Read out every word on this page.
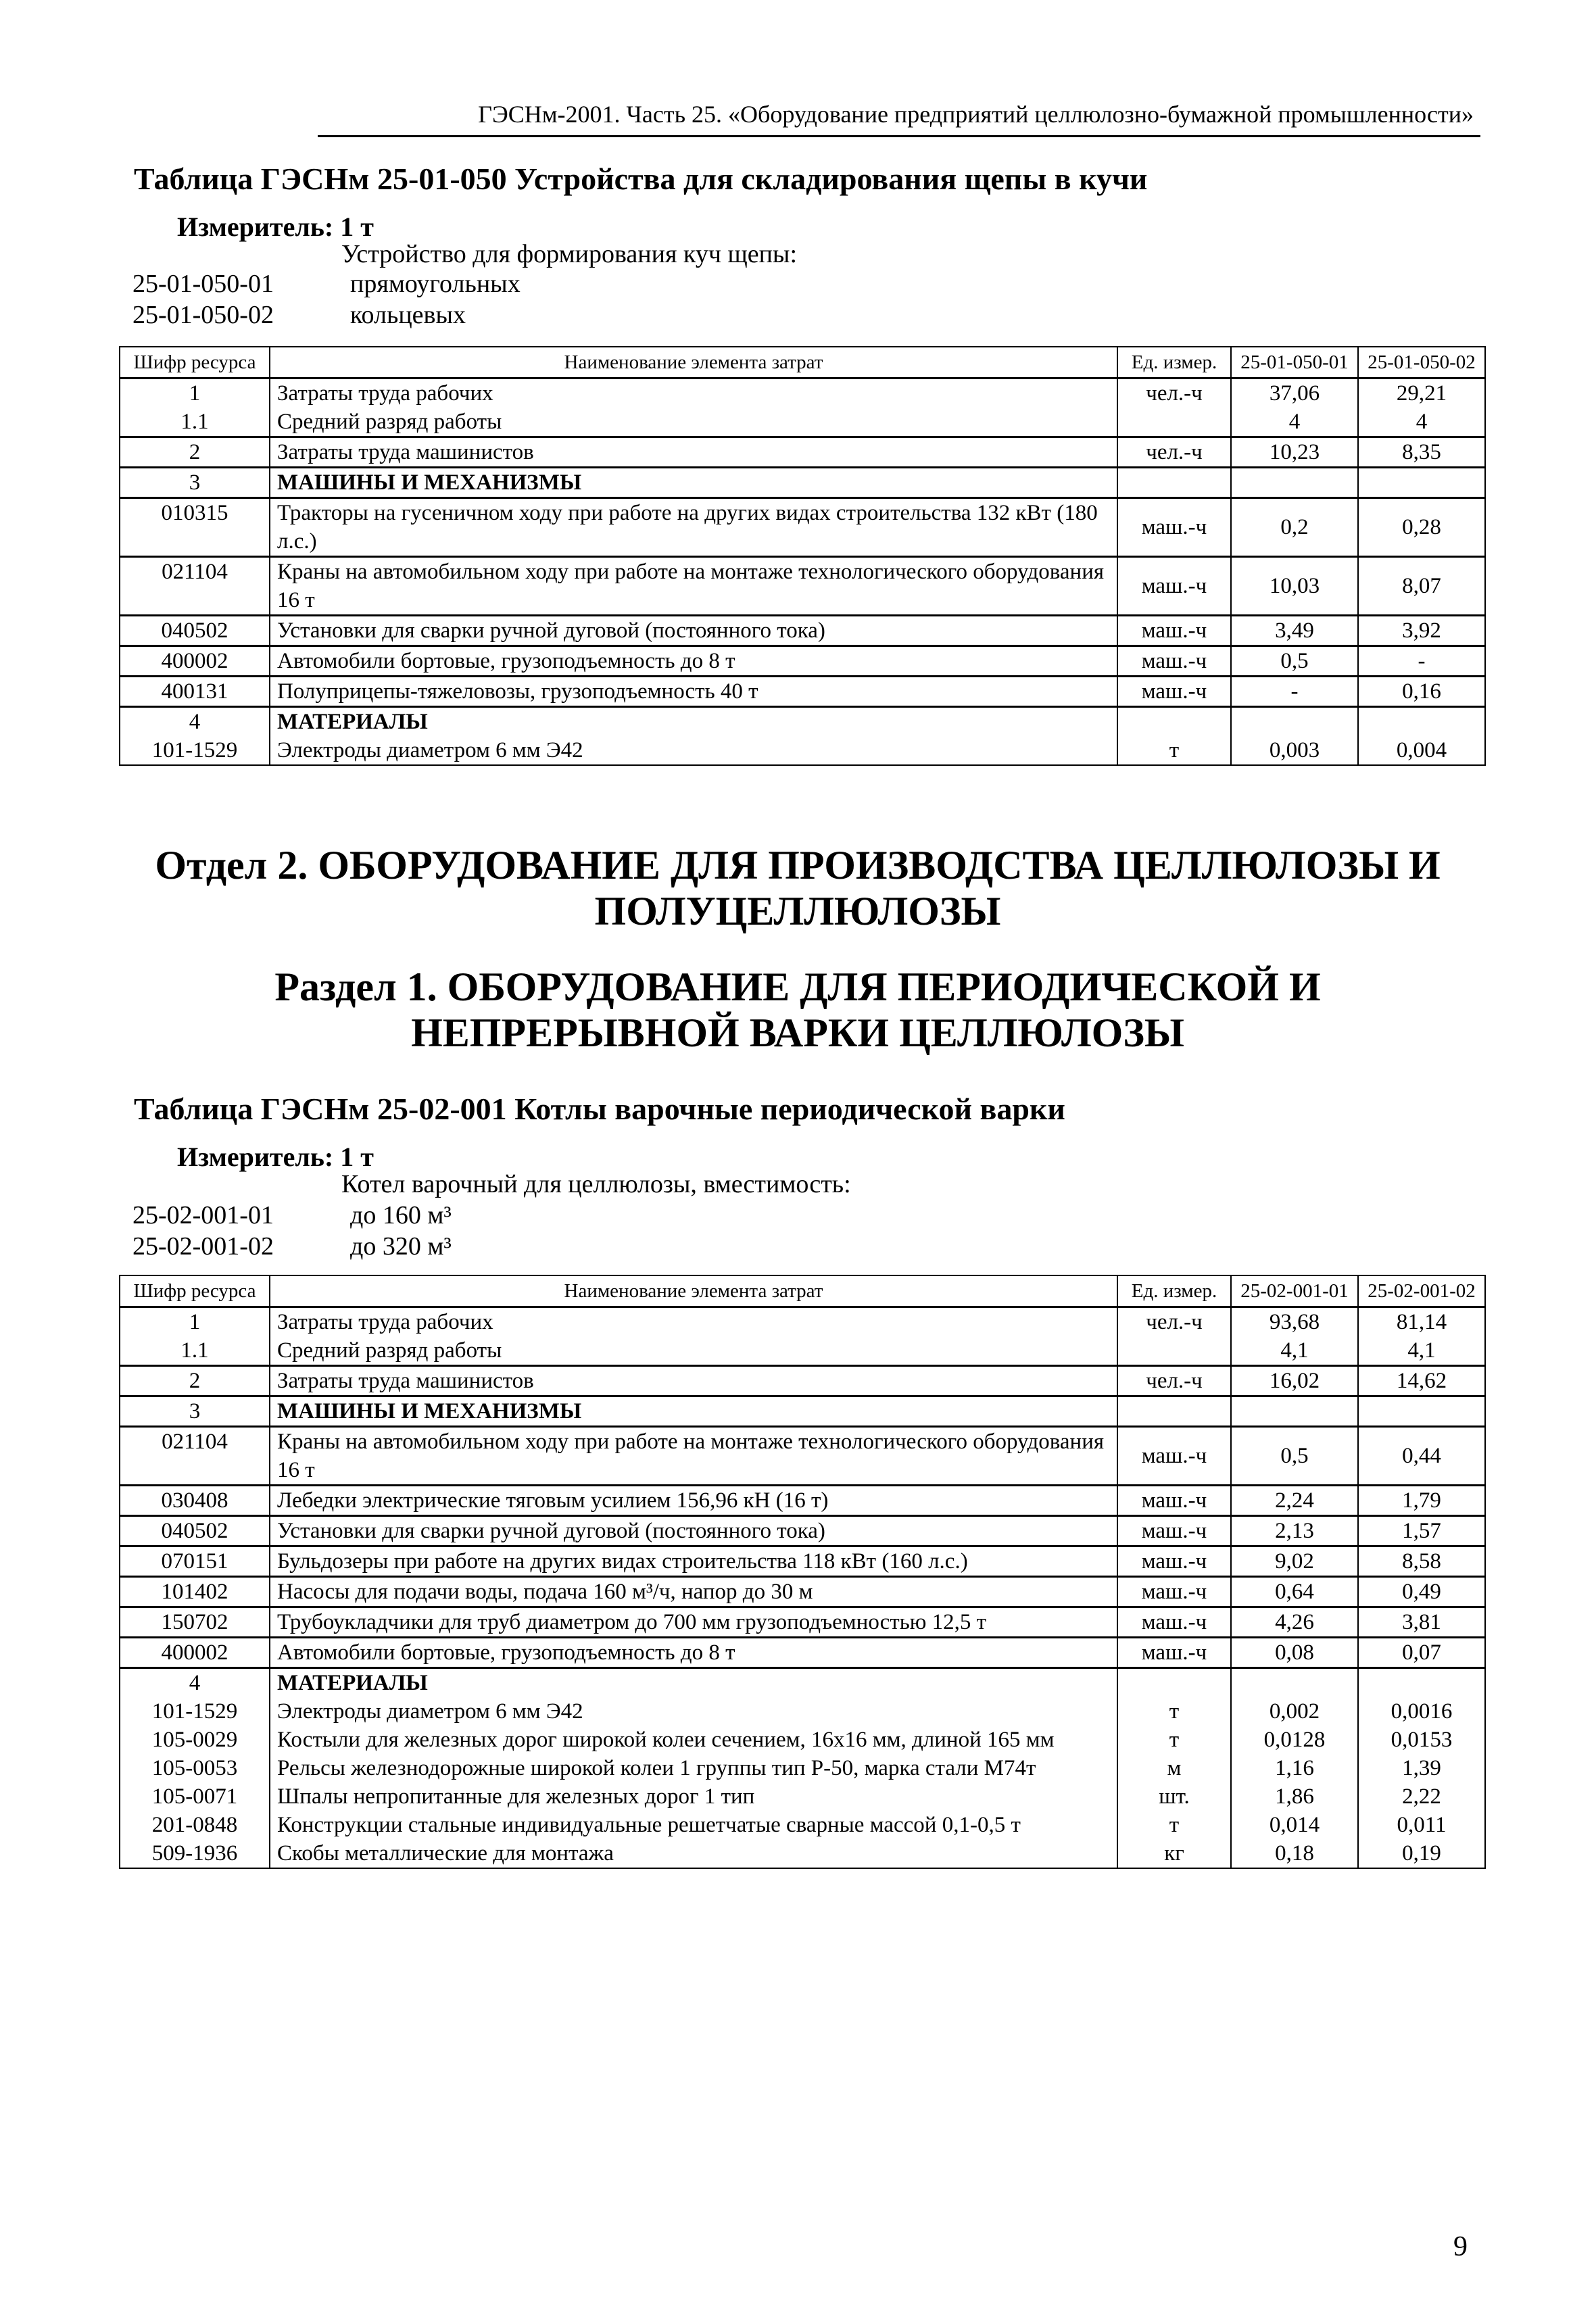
ГЭСНм-2001. Часть 25. «Оборудование предприятий целлюлозно-бумажной промышленности»
Таблица ГЭСНм 25-01-050 Устройства для складирования щепы в кучи
Измеритель: 1 т
Устройство для формирования куч щепы:
25-01-050-01	прямоугольных
25-01-050-02	кольцевых
Шифр ресурса	Наименование элемента затрат	Ед. измер.	25-01-050-01	25-01-050-02
1	Затраты труда рабочих	чел.-ч	37,06	29,21
1.1	Средний разряд работы		4	4
2	Затраты труда машинистов	чел.-ч	10,23	8,35
3	МАШИНЫ И МЕХАНИЗМЫ			
010315	Тракторы на гусеничном ходу при работе на других видах строительства 132 кВт (180 л.с.)	маш.-ч	0,2	0,28
021104	Краны на автомобильном ходу при работе на монтаже технологического оборудования 16 т	маш.-ч	10,03	8,07
040502	Установки для сварки ручной дуговой (постоянного тока)	маш.-ч	3,49	3,92
400002	Автомобили бортовые, грузоподъемность до 8 т	маш.-ч	0,5	-
400131	Полуприцепы-тяжеловозы, грузоподъемность 40 т	маш.-ч	-	0,16
4	МАТЕРИАЛЫ			
101-1529	Электроды диаметром 6 мм Э42	т	0,003	0,004
Отдел 2. ОБОРУДОВАНИЕ ДЛЯ ПРОИЗВОДСТВА ЦЕЛЛЮЛОЗЫ И ПОЛУЦЕЛЛЮЛОЗЫ
Раздел 1. ОБОРУДОВАНИЕ ДЛЯ ПЕРИОДИЧЕСКОЙ И НЕПРЕРЫВНОЙ ВАРКИ ЦЕЛЛЮЛОЗЫ
Таблица ГЭСНм 25-02-001 Котлы варочные периодической варки
Измеритель: 1 т
Котел варочный для целлюлозы, вместимость:
25-02-001-01	до 160 м³
25-02-001-02	до 320 м³
Шифр ресурса	Наименование элемента затрат	Ед. измер.	25-02-001-01	25-02-001-02
1	Затраты труда рабочих	чел.-ч	93,68	81,14
1.1	Средний разряд работы		4,1	4,1
2	Затраты труда машинистов	чел.-ч	16,02	14,62
3	МАШИНЫ И МЕХАНИЗМЫ			
021104	Краны на автомобильном ходу при работе на монтаже технологического оборудования 16 т	маш.-ч	0,5	0,44
030408	Лебедки электрические тяговым усилием 156,96 кН (16 т)	маш.-ч	2,24	1,79
040502	Установки для сварки ручной дуговой (постоянного тока)	маш.-ч	2,13	1,57
070151	Бульдозеры при работе на других видах строительства 118 кВт (160 л.с.)	маш.-ч	9,02	8,58
101402	Насосы для подачи воды, подача 160 м³/ч, напор до 30 м	маш.-ч	0,64	0,49
150702	Трубоукладчики для труб диаметром до 700 мм грузоподъемностью 12,5 т	маш.-ч	4,26	3,81
400002	Автомобили бортовые, грузоподъемность до 8 т	маш.-ч	0,08	0,07
4	МАТЕРИАЛЫ			
101-1529	Электроды диаметром 6 мм Э42	т	0,002	0,0016
105-0029	Костыли для железных дорог широкой колеи сечением, 16х16 мм, длиной 165 мм	т	0,0128	0,0153
105-0053	Рельсы железнодорожные широкой колеи 1 группы тип Р-50, марка стали М74т	м	1,16	1,39
105-0071	Шпалы непропитанные для железных дорог 1 тип	шт.	1,86	2,22
201-0848	Конструкции стальные индивидуальные решетчатые сварные массой 0,1-0,5 т	т	0,014	0,011
509-1936	Скобы металлические для монтажа	кг	0,18	0,19
9
